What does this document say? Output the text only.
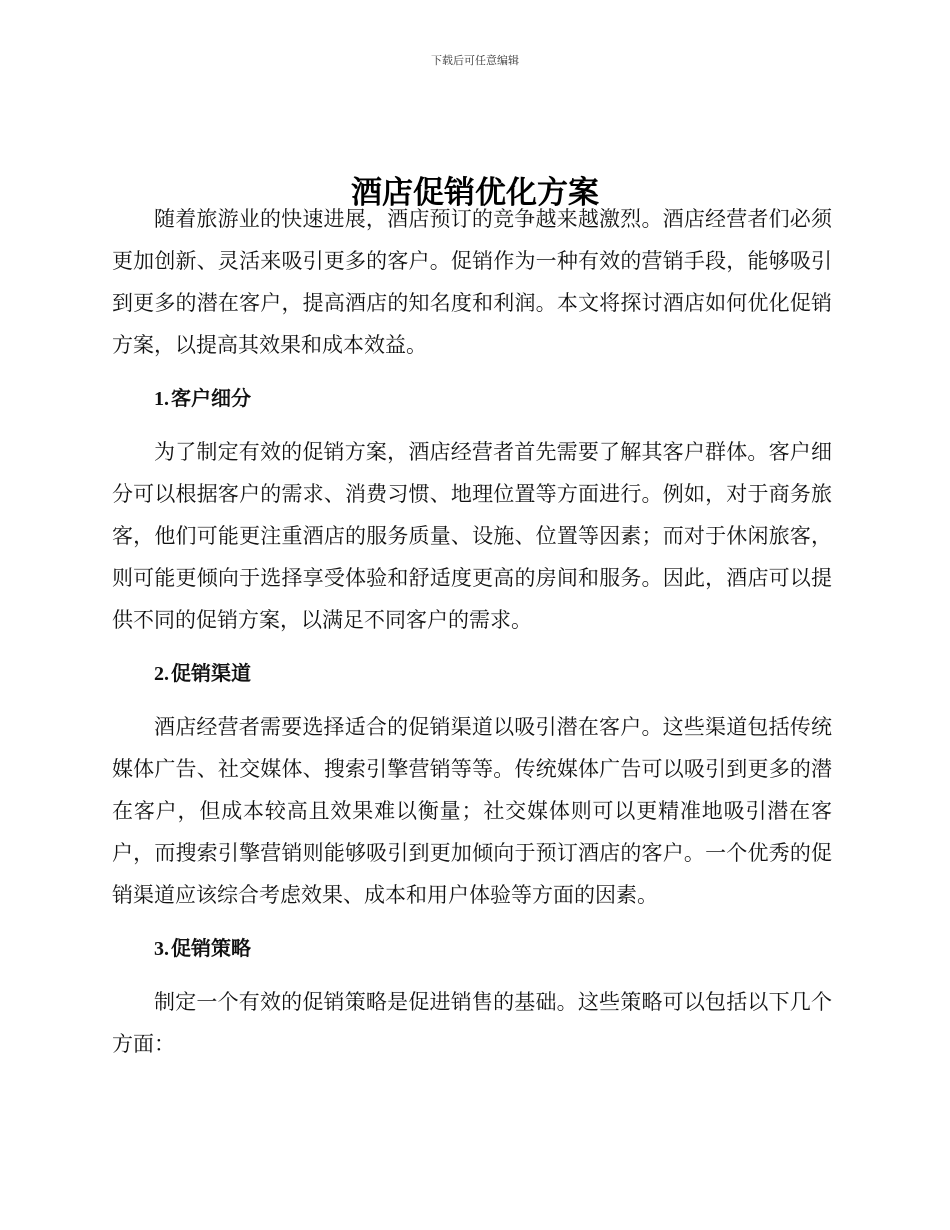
下载后可任意编辑
酒店促销优化方案

随着旅游业的快速进展，酒店预订的竞争越来越激烈。酒店经营者们必须更加创新、灵活来吸引更多的客户。促销作为一种有效的营销手段，能够吸引到更多的潜在客户，提高酒店的知名度和利润。本文将探讨酒店如何优化促销方案，以提高其效果和成本效益。

1. 客户细分

为了制定有效的促销方案，酒店经营者首先需要了解其客户群体。客户细分可以根据客户的需求、消费习惯、地理位置等方面进行。例如，对于商务旅客，他们可能更注重酒店的服务质量、设施、位置等因素；而对于休闲旅客，则可能更倾向于选择享受体验和舒适度更高的房间和服务。因此，酒店可以提供不同的促销方案，以满足不同客户的需求。

2. 促销渠道

酒店经营者需要选择适合的促销渠道以吸引潜在客户。这些渠道包括传统媒体广告、社交媒体、搜索引擎营销等等。传统媒体广告可以吸引到更多的潜在客户，但成本较高且效果难以衡量；社交媒体则可以更精准地吸引潜在客户，而搜索引擎营销则能够吸引到更加倾向于预订酒店的客户。一个优秀的促销渠道应该综合考虑效果、成本和用户体验等方面的因素。

3. 促销策略

制定一个有效的促销策略是促进销售的基础。这些策略可以包括以下几个方面：
